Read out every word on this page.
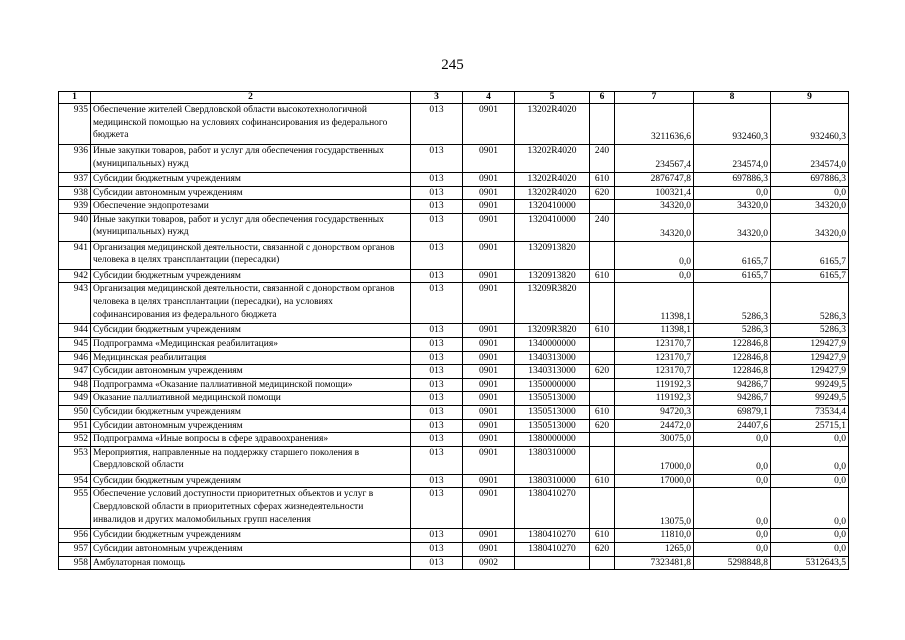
245
1	2	3	4	5	6	7	8	9
935	Обеспечение жителей Свердловской области высокотехнологичной медицинской помощью на условиях софинансирования из федерального бюджета	013	0901	13202R4020		3211636,6	932460,3	932460,3
936	Иные закупки товаров, работ и услуг для обеспечения государственных (муниципальных) нужд	013	0901	13202R4020	240	234567,4	234574,0	234574,0
937	Субсидии бюджетным учреждениям	013	0901	13202R4020	610	2876747,8	697886,3	697886,3
938	Субсидии автономным учреждениям	013	0901	13202R4020	620	100321,4	0,0	0,0
939	Обеспечение эндопротезами	013	0901	1320410000		34320,0	34320,0	34320,0
940	Иные закупки товаров, работ и услуг для обеспечения государственных (муниципальных) нужд	013	0901	1320410000	240	34320,0	34320,0	34320,0
941	Организация медицинской деятельности, связанной с донорством органов человека в целях трансплантации (пересадки)	013	0901	1320913820		0,0	6165,7	6165,7
942	Субсидии бюджетным учреждениям	013	0901	1320913820	610	0,0	6165,7	6165,7
943	Организация медицинской деятельности, связанной с донорством органов человека в целях трансплантации (пересадки), на условиях софинансирования из федерального бюджета	013	0901	13209R3820		11398,1	5286,3	5286,3
944	Субсидии бюджетным учреждениям	013	0901	13209R3820	610	11398,1	5286,3	5286,3
945	Подпрограмма «Медицинская реабилитация»	013	0901	1340000000		123170,7	122846,8	129427,9
946	Медицинская реабилитация	013	0901	1340313000		123170,7	122846,8	129427,9
947	Субсидии автономным учреждениям	013	0901	1340313000	620	123170,7	122846,8	129427,9
948	Подпрограмма «Оказание паллиативной медицинской помощи»	013	0901	1350000000		119192,3	94286,7	99249,5
949	Оказание паллиативной медицинской помощи	013	0901	1350513000		119192,3	94286,7	99249,5
950	Субсидии бюджетным учреждениям	013	0901	1350513000	610	94720,3	69879,1	73534,4
951	Субсидии автономным учреждениям	013	0901	1350513000	620	24472,0	24407,6	25715,1
952	Подпрограмма «Иные вопросы в сфере здравоохранения»	013	0901	1380000000		30075,0	0,0	0,0
953	Мероприятия, направленные на поддержку старшего поколения в Свердловской области	013	0901	1380310000		17000,0	0,0	0,0
954	Субсидии бюджетным учреждениям	013	0901	1380310000	610	17000,0	0,0	0,0
955	Обеспечение условий доступности приоритетных объектов и услуг в Свердловской области в приоритетных сферах жизнедеятельности инвалидов и других маломобильных групп населения	013	0901	1380410270		13075,0	0,0	0,0
956	Субсидии бюджетным учреждениям	013	0901	1380410270	610	11810,0	0,0	0,0
957	Субсидии автономным учреждениям	013	0901	1380410270	620	1265,0	0,0	0,0
958	Амбулаторная помощь	013	0902			7323481,8	5298848,8	5312643,5
